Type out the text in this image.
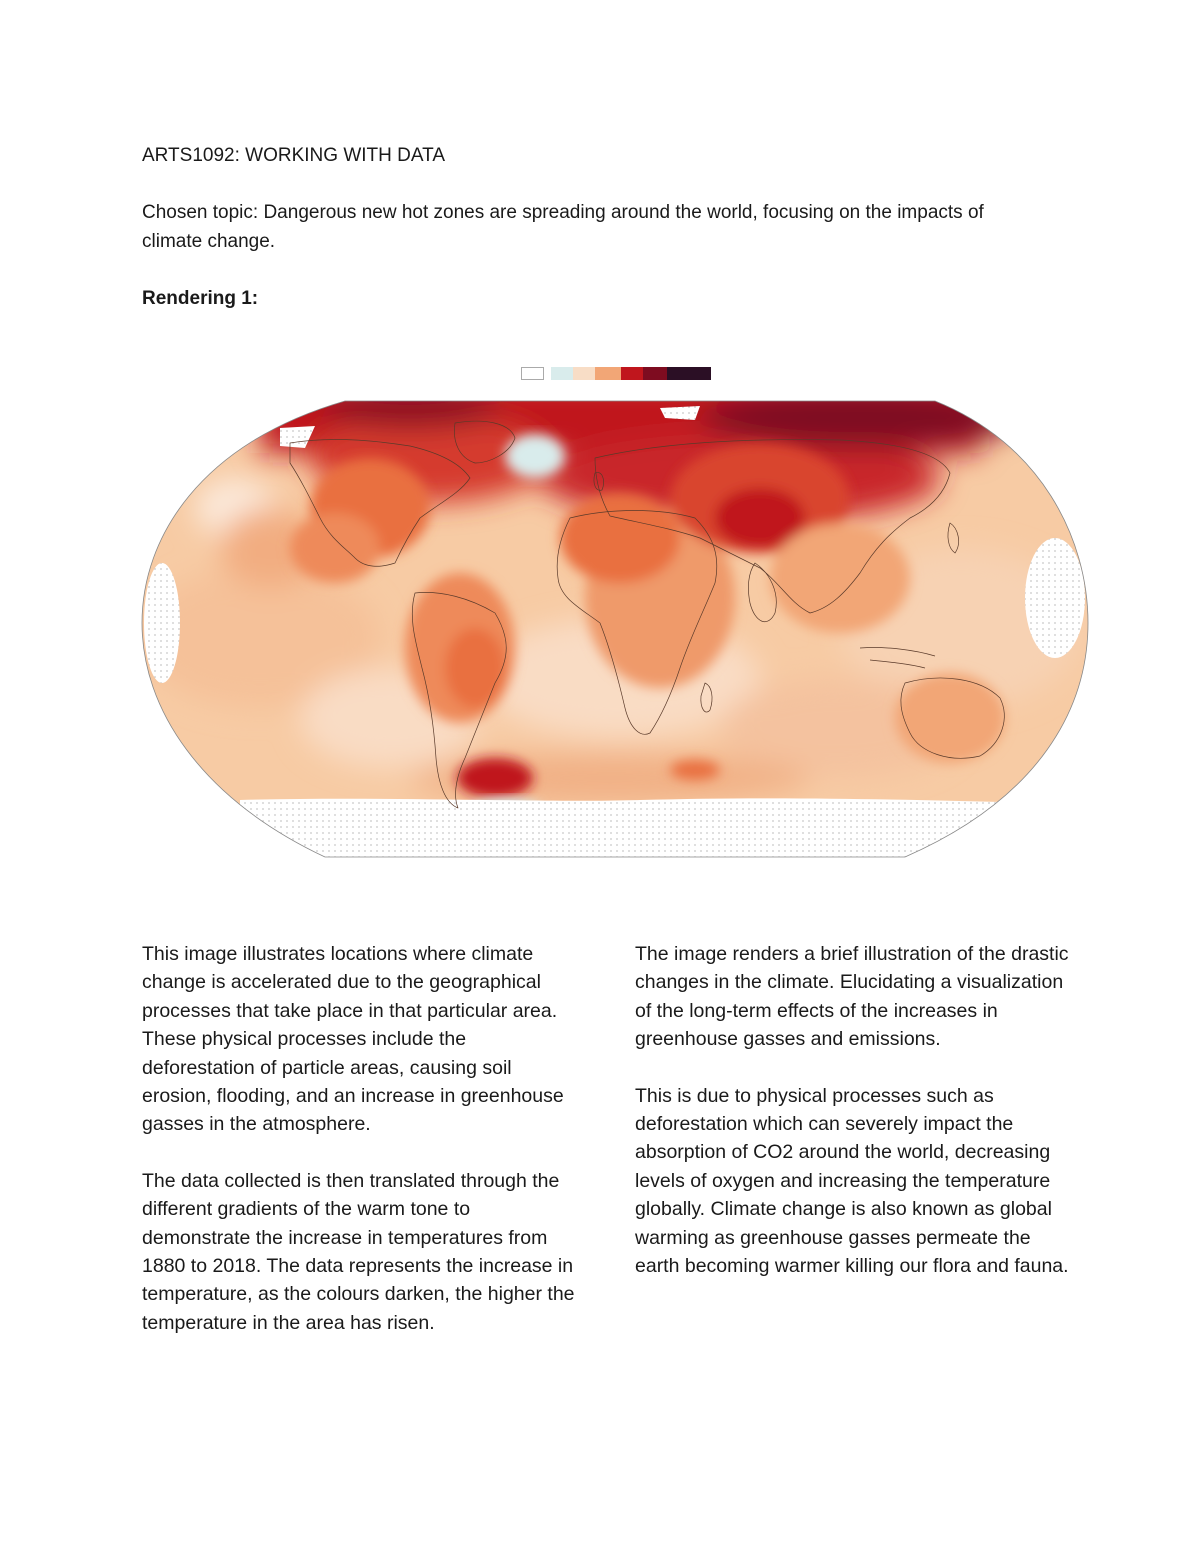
ARTS1092: WORKING WITH DATA

Chosen topic: Dangerous new hot zones are spreading around the world, focusing on the impacts of climate change.

Rendering 1:

This image illustrates locations where climate change is accelerated due to the geographical processes that take place in that particular area. These physical processes include the deforestation of particle areas, causing soil erosion, flooding, and an increase in greenhouse gasses in the atmosphere.

The data collected is then translated through the different gradients of the warm tone to demonstrate the increase in temperatures from 1880 to 2018. The data represents the increase in temperature, as the colours darken, the higher the temperature in the area has risen.

The image renders a brief illustration of the drastic changes in the climate. Elucidating a visualization of the long-term effects of the increases in greenhouse gasses and emissions.

This is due to physical processes such as deforestation which can severely impact the absorption of CO2 around the world, decreasing levels of oxygen and increasing the temperature globally. Climate change is also known as global warming as greenhouse gasses permeate the earth becoming warmer killing our flora and fauna.
